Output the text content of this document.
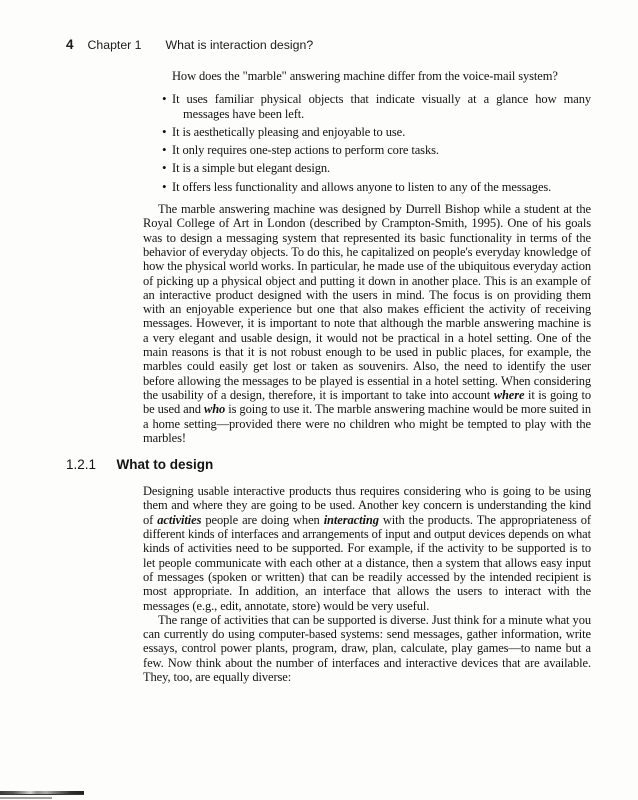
4 Chapter 1 What is interaction design?

How does the "marble" answering machine differ from the voice-mail system?

• It uses familiar physical objects that indicate visually at a glance how many messages have been left.
• It is aesthetically pleasing and enjoyable to use.
• It only requires one-step actions to perform core tasks.
• It is a simple but elegant design.
• It offers less functionality and allows anyone to listen to any of the messages.

The marble answering machine was designed by Durrell Bishop while a student at the Royal College of Art in London (described by Crampton-Smith, 1995). One of his goals was to design a messaging system that represented its basic functionality in terms of the behavior of everyday objects. To do this, he capitalized on people's everyday knowledge of how the physical world works. In particular, he made use of the ubiquitous everyday action of picking up a physical object and putting it down in another place. This is an example of an interactive product designed with the users in mind. The focus is on providing them with an enjoyable experience but one that also makes efficient the activity of receiving messages. However, it is important to note that although the marble answering machine is a very elegant and usable design, it would not be practical in a hotel setting. One of the main reasons is that it is not robust enough to be used in public places, for example, the marbles could easily get lost or taken as souvenirs. Also, the need to identify the user before allowing the messages to be played is essential in a hotel setting. When considering the usability of a design, therefore, it is important to take into account where it is going to be used and who is going to use it. The marble answering machine would be more suited in a home setting—provided there were no children who might be tempted to play with the marbles!

1.2.1 What to design

Designing usable interactive products thus requires considering who is going to be using them and where they are going to be used. Another key concern is understanding the kind of activities people are doing when interacting with the products. The appropriateness of different kinds of interfaces and arrangements of input and output devices depends on what kinds of activities need to be supported. For example, if the activity to be supported is to let people communicate with each other at a distance, then a system that allows easy input of messages (spoken or written) that can be readily accessed by the intended recipient is most appropriate. In addition, an interface that allows the users to interact with the messages (e.g., edit, annotate, store) would be very useful.

The range of activities that can be supported is diverse. Just think for a minute what you can currently do using computer-based systems: send messages, gather information, write essays, control power plants, program, draw, plan, calculate, play games—to name but a few. Now think about the number of interfaces and interactive devices that are available. They, too, are equally diverse:
